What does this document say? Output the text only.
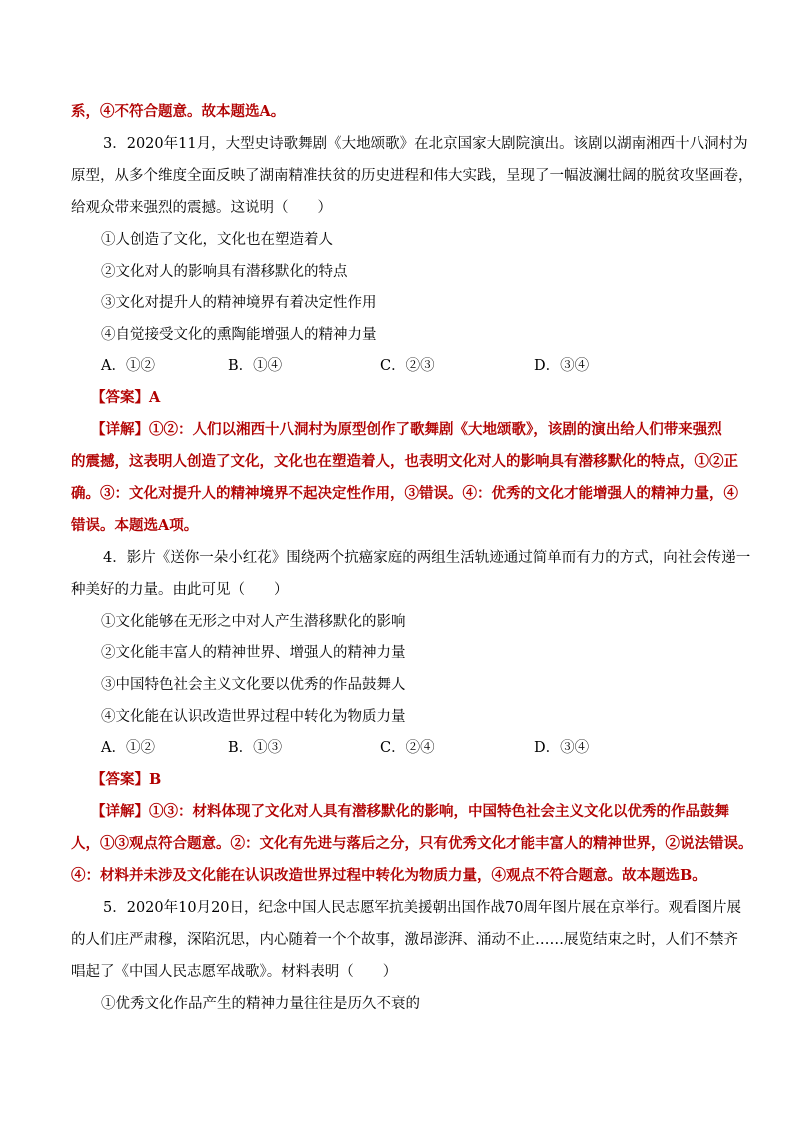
系，④不符合题意。故本题选A。
3．2020年11月，大型史诗歌舞剧《大地颂歌》在北京国家大剧院演出。该剧以湖南湘西十八洞村为
原型，从多个维度全面反映了湖南精准扶贫的历史进程和伟大实践，呈现了一幅波澜壮阔的脱贫攻坚画卷，
给观众带来强烈的震撼。这说明（　　）
①人创造了文化，文化也在塑造着人
②文化对人的影响具有潜移默化的特点
③文化对提升人的精神境界有着决定性作用
④自觉接受文化的熏陶能增强人的精神力量
A．①②	B．①④	C．②③	D．③④
【答案】A
【详解】①②：人们以湘西十八洞村为原型创作了歌舞剧《大地颂歌》，该剧的演出给人们带来强烈
的震撼，这表明人创造了文化，文化也在塑造着人，也表明文化对人的影响具有潜移默化的特点，①②正
确。③：文化对提升人的精神境界不起决定性作用，③错误。④：优秀的文化才能增强人的精神力量，④
错误。本题选A项。
4．影片《送你一朵小红花》围绕两个抗癌家庭的两组生活轨迹通过简单而有力的方式，向社会传递一
种美好的力量。由此可见（　　）
①文化能够在无形之中对人产生潜移默化的影响
②文化能丰富人的精神世界、增强人的精神力量
③中国特色社会主义文化要以优秀的作品鼓舞人
④文化能在认识改造世界过程中转化为物质力量
A．①②	B．①③	C．②④	D．③④
【答案】B
【详解】①③：材料体现了文化对人具有潜移默化的影响，中国特色社会主义文化以优秀的作品鼓舞
人，①③观点符合题意。②：文化有先进与落后之分，只有优秀文化才能丰富人的精神世界，②说法错误。
④：材料并未涉及文化能在认识改造世界过程中转化为物质力量，④观点不符合题意。故本题选B。
5．2020年10月20日，纪念中国人民志愿军抗美援朝出国作战70周年图片展在京举行。观看图片展
的人们庄严肃穆，深陷沉思，内心随着一个个故事，激昂澎湃、涌动不止……展览结束之时，人们不禁齐
唱起了《中国人民志愿军战歌》。材料表明（　　）
①优秀文化作品产生的精神力量往往是历久不衰的
